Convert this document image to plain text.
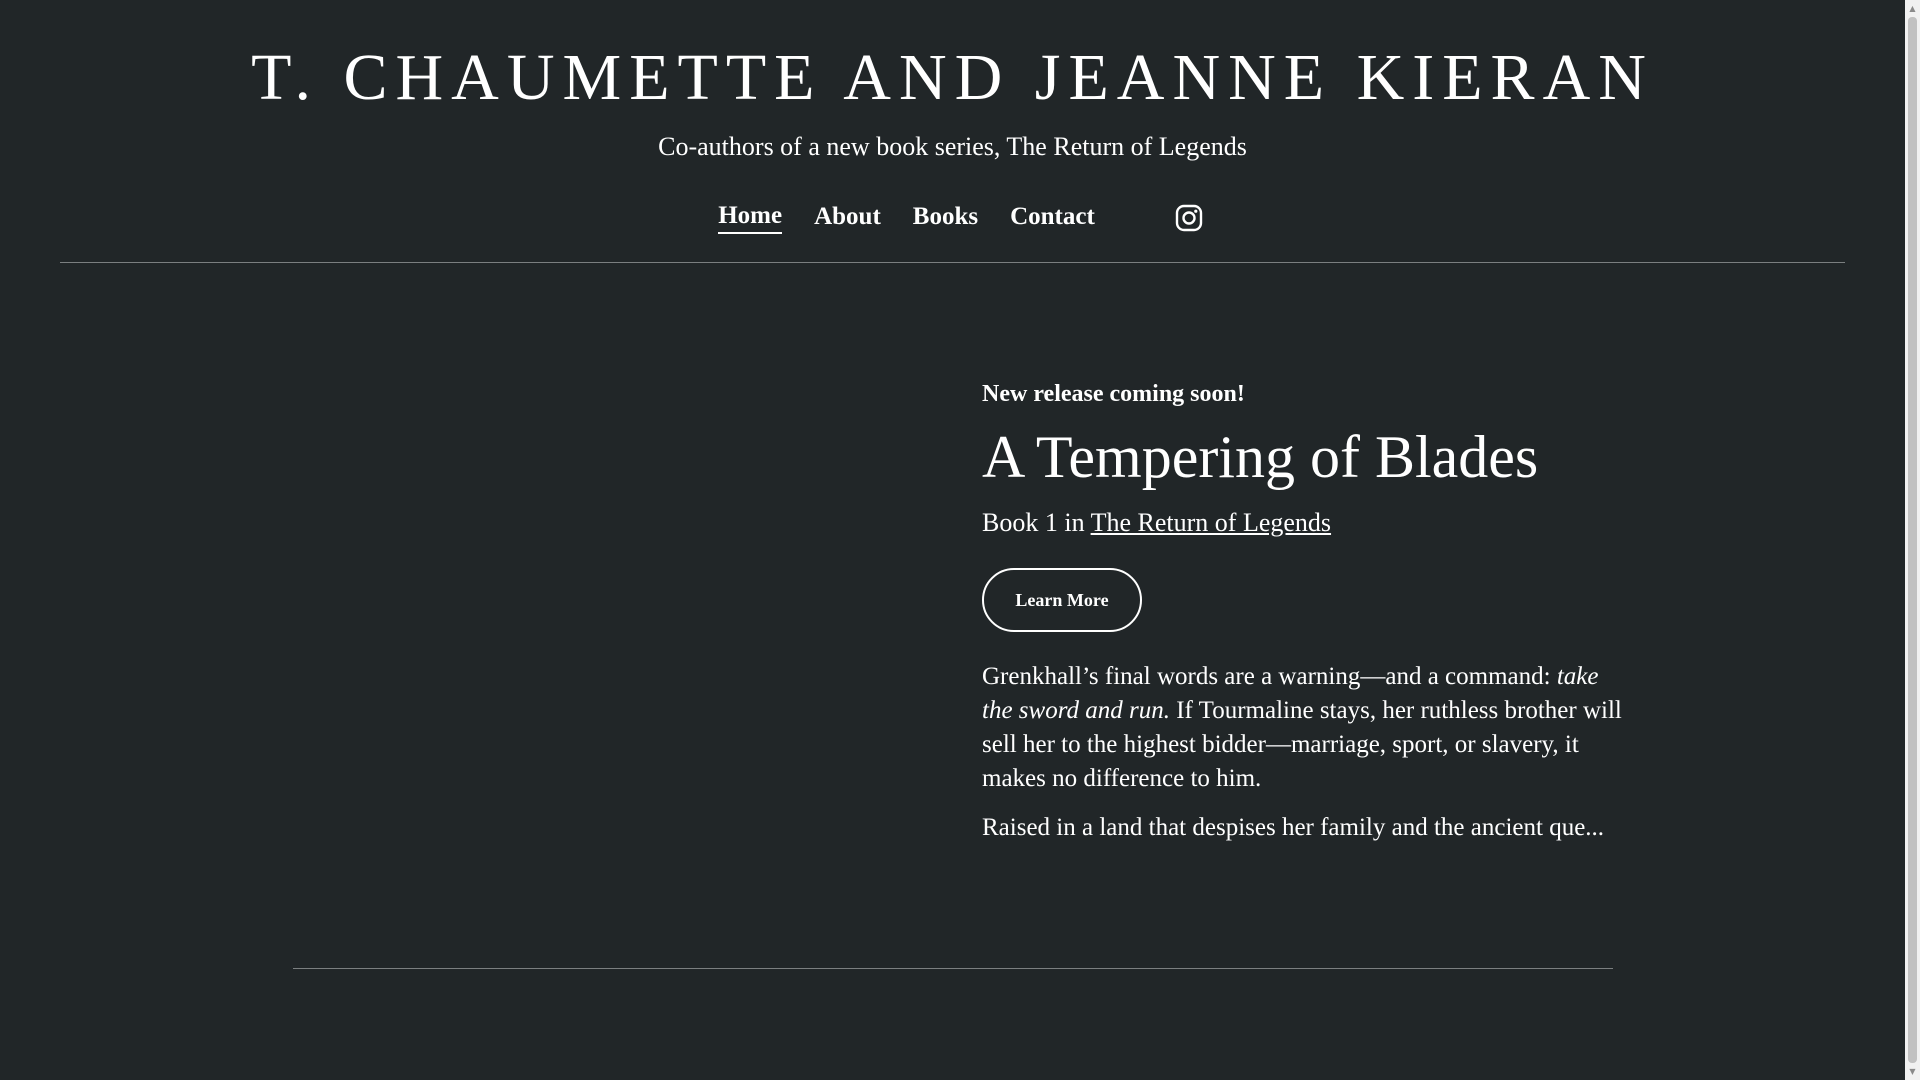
T. CHAUMETTE AND JEANNE KIERAN
Co-authors of a new book series, The Return of Legends
Home About Books Contact
New release coming soon!
A Tempering of Blades
Book 1 in The Return of Legends
Learn More

Grenkhall’s final words are a warning—and a command: take the sword and run. If Tourmaline stays, her ruthless brother will sell her to the highest bidder—marriage, sport, or slavery, it makes no difference to him.

Raised in a land that despises her family and the ancient que...

▲
▼
